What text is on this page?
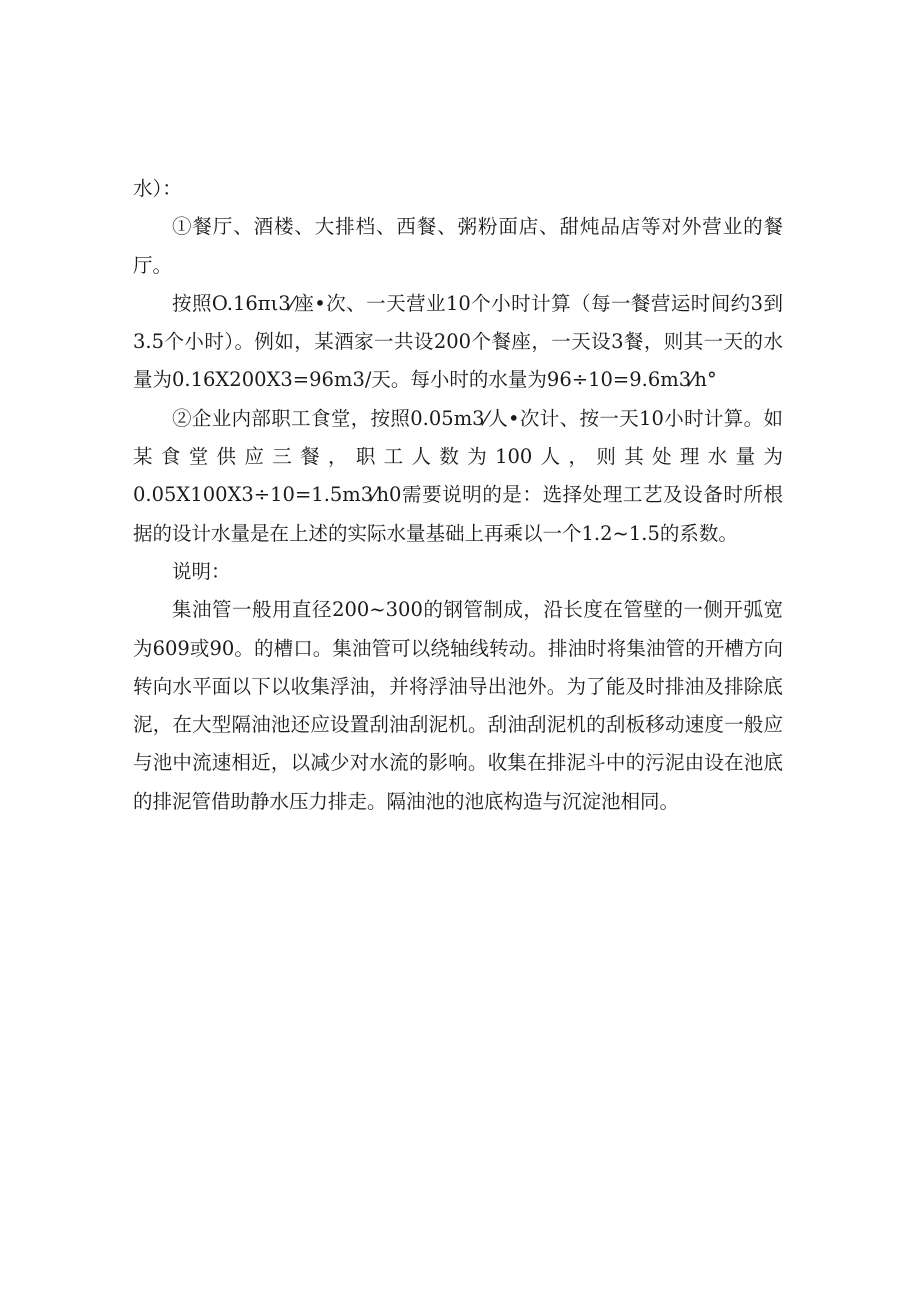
水）：

①餐厅、酒楼、大排档、西餐、粥粉面店、甜炖品店等对外营业的餐厅。

按照O.16πι3⁄座•次、一天营业10个小时计算（每一餐营运时间约3到3.5个小时）。例如，某酒家一共设200个餐座，一天设3餐，则其一天的水量为0.16X200X3=96m3/天。每小时的水量为96÷10=9.6m3⁄h°

②企业内部职工食堂，按照0.05m3⁄人•次计、按一天10小时计算。如某食堂供应三餐，职工人数为100人，则其处理水量为0.05X100X3÷10=1.5m3⁄h0需要说明的是：选择处理工艺及设备时所根据的设计水量是在上述的实际水量基础上再乘以一个1.2~1.5的系数。

说明：

集油管一般用直径200~300的钢管制成，沿长度在管壁的一侧开弧宽为609或90。的槽口。集油管可以绕轴线转动。排油时将集油管的开槽方向转向水平面以下以收集浮油，并将浮油导出池外。为了能及时排油及排除底泥，在大型隔油池还应设置刮油刮泥机。刮油刮泥机的刮板移动速度一般应与池中流速相近，以减少对水流的影响。收集在排泥斗中的污泥由设在池底的排泥管借助静水压力排走。隔油池的池底构造与沉淀池相同。
